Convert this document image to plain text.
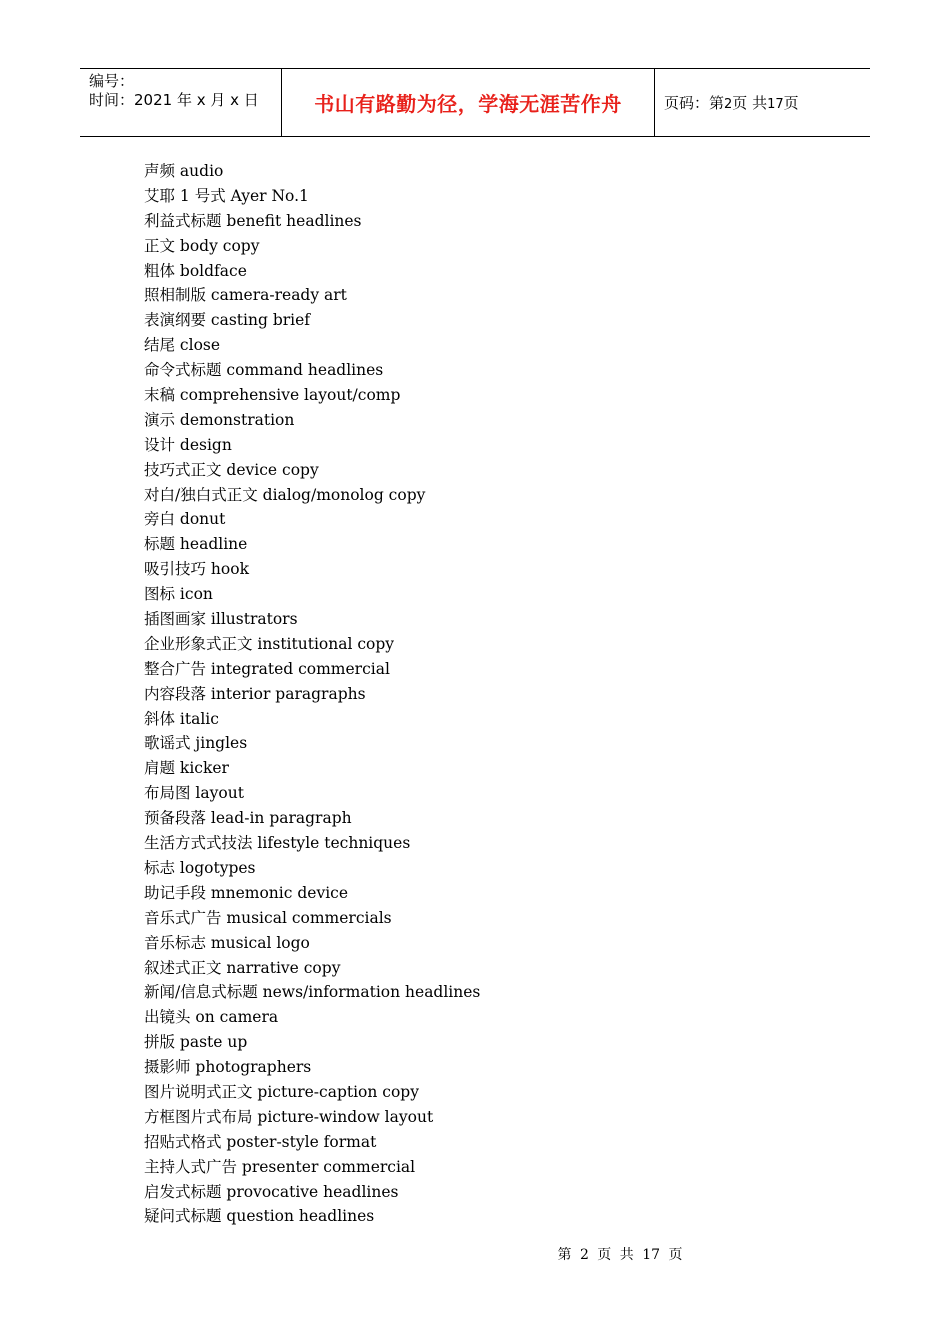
编号：
时间：2021 年 x 月 x 日	书山有路勤为径，学海无涯苦作舟	页码：第2页 共17页
声频 audio
艾耶 1 号式 Ayer No.1
利益式标题 benefit headlines
正文 body copy
粗体 boldface
照相制版 camera-ready art
表演纲要 casting brief
结尾 close
命令式标题 command headlines
末稿 comprehensive layout/comp
演示 demonstration
设计 design
技巧式正文 device copy
对白/独白式正文 dialog/monolog copy
旁白 donut
标题 headline
吸引技巧 hook
图标 icon
插图画家 illustrators
企业形象式正文 institutional copy
整合广告 integrated commercial
内容段落 interior paragraphs
斜体 italic
歌谣式 jingles
肩题 kicker
布局图 layout
预备段落 lead-in paragraph
生活方式式技法 lifestyle techniques
标志 logotypes
助记手段 mnemonic device
音乐式广告 musical commercials
音乐标志 musical logo
叙述式正文 narrative copy
新闻/信息式标题 news/information headlines
出镜头 on camera
拼版 paste up
摄影师 photographers
图片说明式正文 picture-caption copy
方框图片式布局 picture-window layout
招贴式格式 poster-style format
主持人式广告 presenter commercial
启发式标题 provocative headlines
疑问式标题 question headlines
第 2 页 共 17 页
